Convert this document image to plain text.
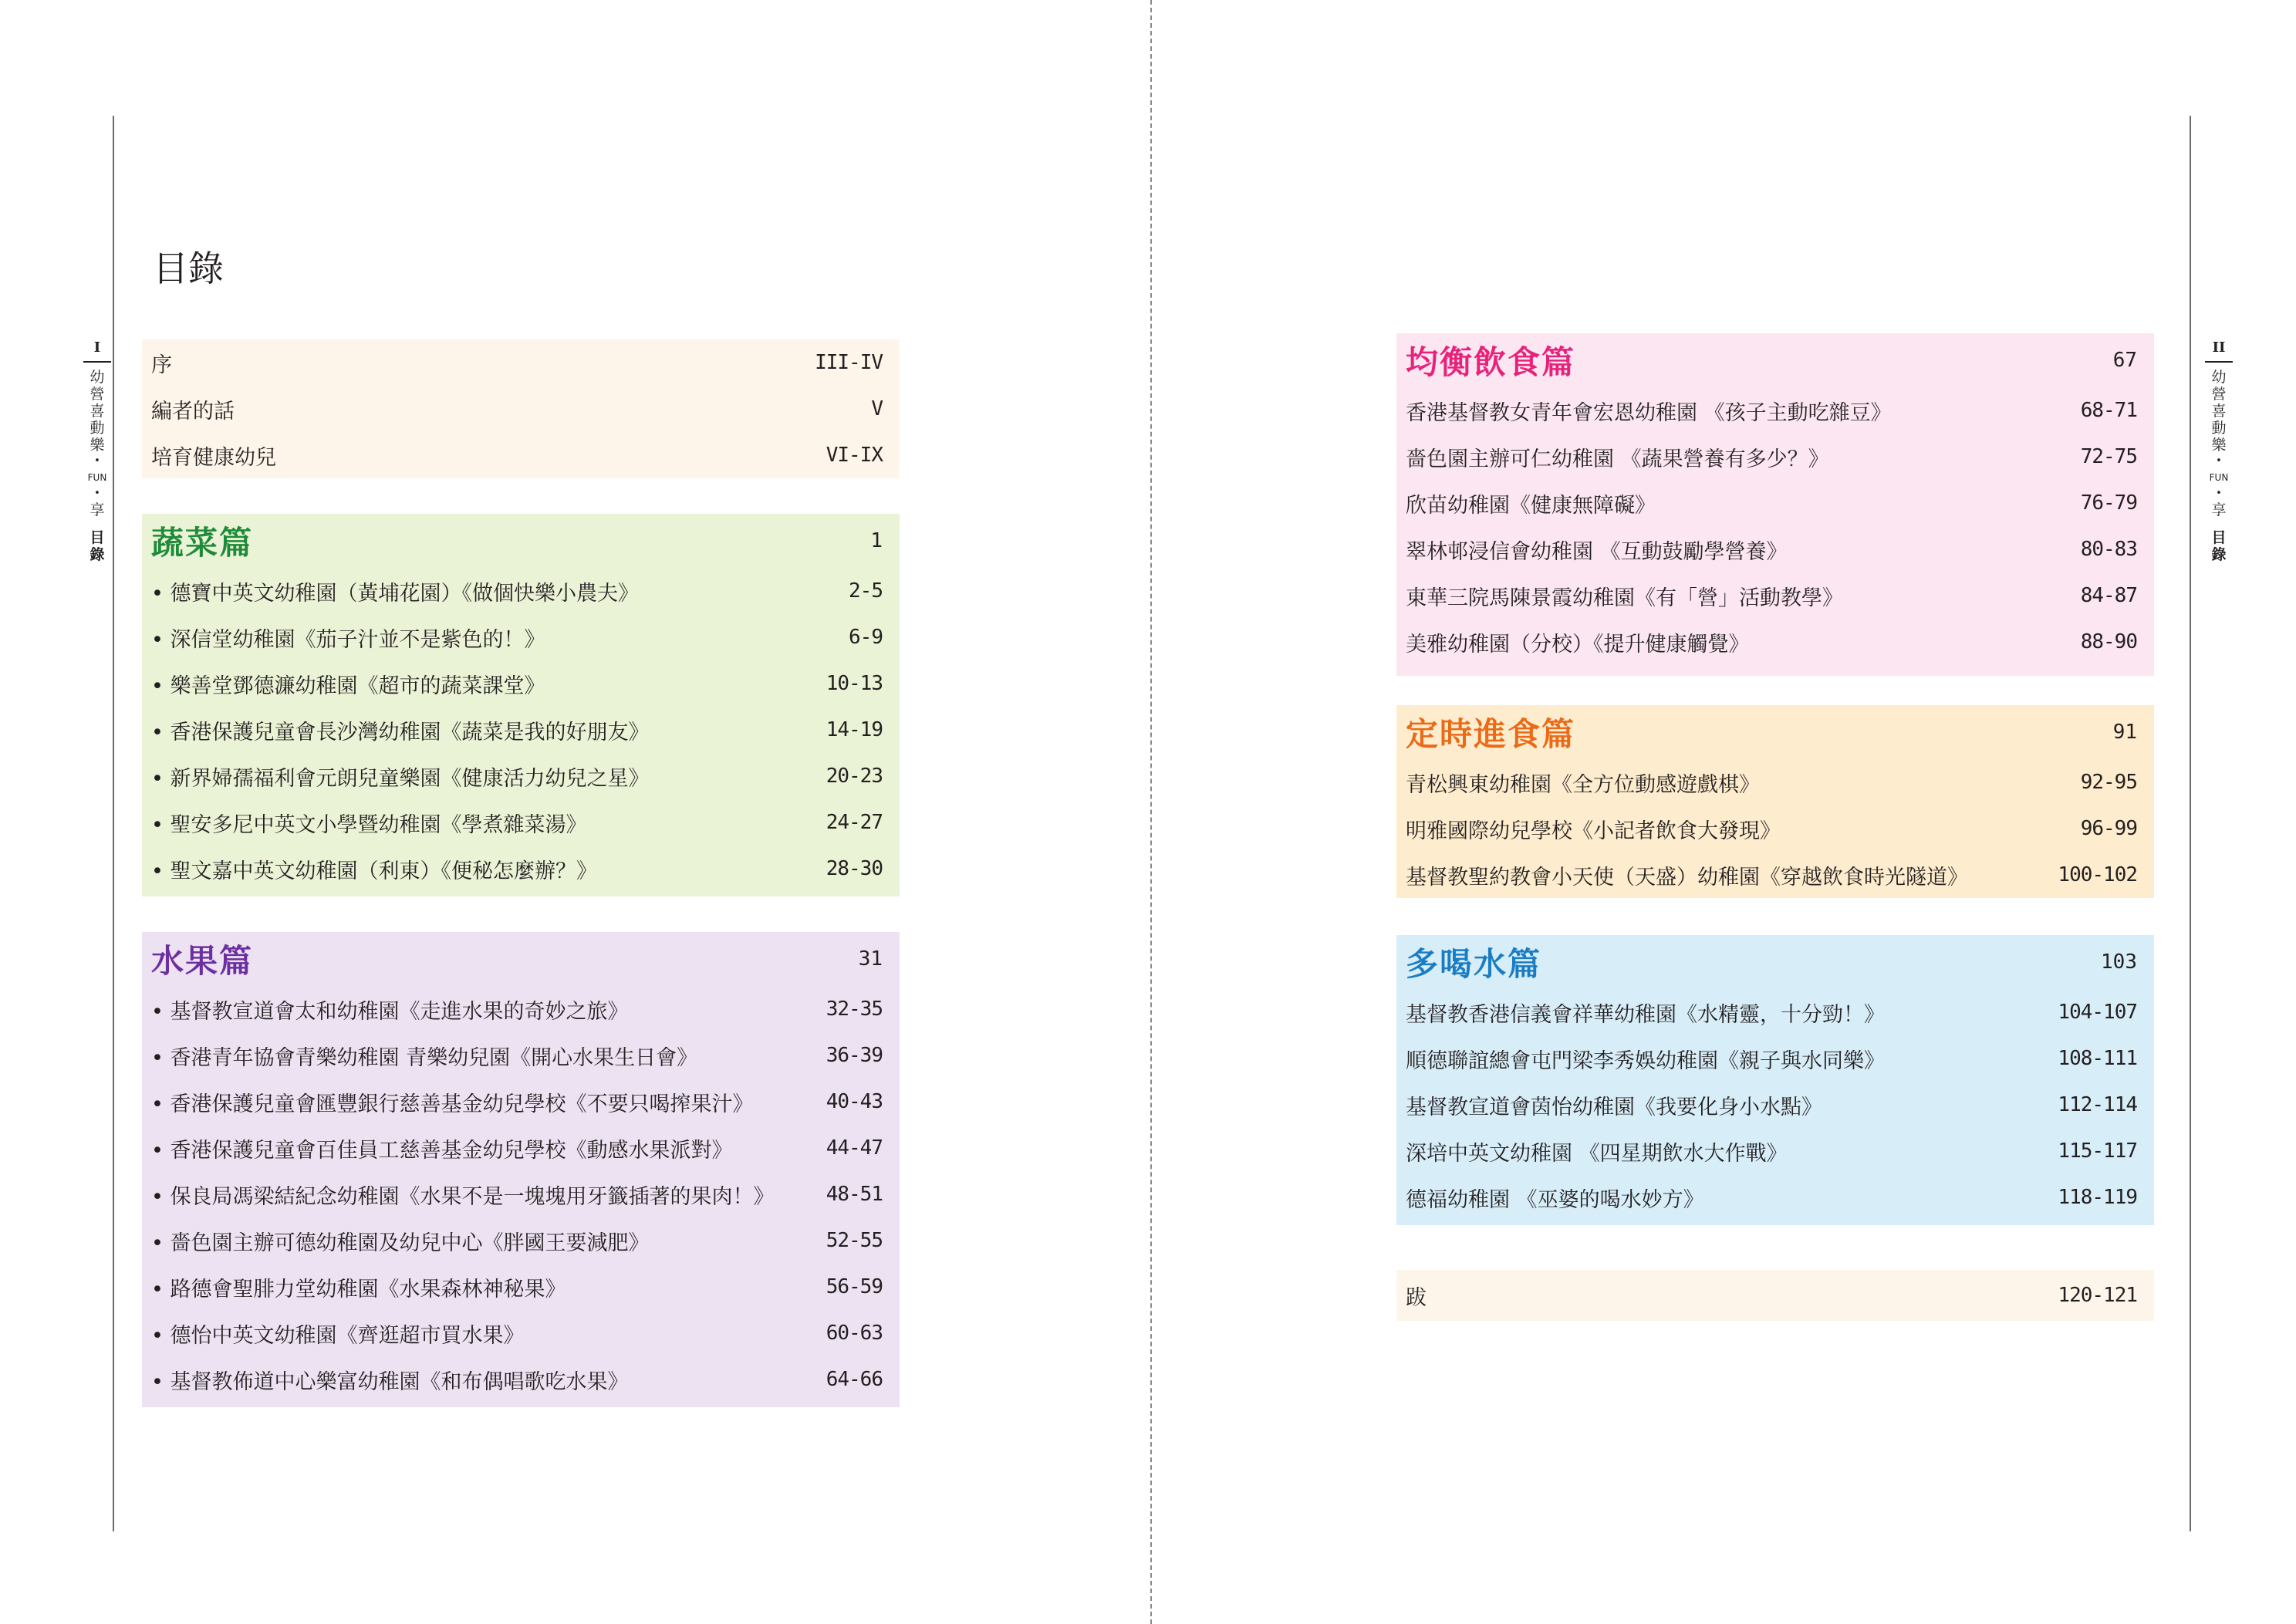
I
幼
營
喜
動
樂
•
FUN
•
享
目
錄
II
幼
營
喜
動
樂
•
FUN
•
享
目
錄
目錄
序	III-IV
編者的話	V
培育健康幼兒	VI-IX
蔬菜篇	1
• 德寶中英文幼稚園（黃埔花園）《做個快樂小農夫》	2-5
• 深信堂幼稚園《茄子汁並不是紫色的！》	6-9
• 樂善堂鄧德濂幼稚園《超市的蔬菜課堂》	10-13
• 香港保護兒童會長沙灣幼稚園《蔬菜是我的好朋友》	14-19
• 新界婦孺福利會元朗兒童樂園《健康活力幼兒之星》	20-23
• 聖安多尼中英文小學暨幼稚園《學煮雜菜湯》	24-27
• 聖文嘉中英文幼稚園（利東）《便秘怎麼辦？》	28-30
水果篇	31
• 基督教宣道會太和幼稚園《走進水果的奇妙之旅》	32-35
• 香港青年協會青樂幼稚園 青樂幼兒園《開心水果生日會》	36-39
• 香港保護兒童會匯豐銀行慈善基金幼兒學校《不要只喝搾果汁》	40-43
• 香港保護兒童會百佳員工慈善基金幼兒學校《動感水果派對》	44-47
• 保良局馮梁結紀念幼稚園《水果不是一塊塊用牙籤插著的果肉！》	48-51
• 嗇色園主辦可德幼稚園及幼兒中心《胖國王要減肥》	52-55
• 路德會聖腓力堂幼稚園《水果森林神秘果》	56-59
• 德怡中英文幼稚園《齊逛超市買水果》	60-63
• 基督教佈道中心樂富幼稚園《和布偶唱歌吃水果》	64-66
均衡飲食篇	67
香港基督教女青年會宏恩幼稚園 《孩子主動吃雜豆》	68-71
嗇色園主辦可仁幼稚園 《蔬果營養有多少？》	72-75
欣苗幼稚園《健康無障礙》	76-79
翠林邨浸信會幼稚園 《互動鼓勵學營養》	80-83
東華三院馬陳景霞幼稚園《有「營」活動教學》	84-87
美雅幼稚園（分校）《提升健康觸覺》	88-90
定時進食篇	91
青松興東幼稚園《全方位動感遊戲棋》	92-95
明雅國際幼兒學校《小記者飲食大發現》	96-99
基督教聖約教會小天使（天盛）幼稚園《穿越飲食時光隧道》	100-102
多喝水篇	103
基督教香港信義會祥華幼稚園《水精靈，十分勁！》	104-107
順德聯誼總會屯門梁李秀娛幼稚園《親子與水同樂》	108-111
基督教宣道會茵怡幼稚園《我要化身小水點》	112-114
深培中英文幼稚園 《四星期飲水大作戰》	115-117
德福幼稚園 《巫婆的喝水妙方》	118-119
跋	120-121
